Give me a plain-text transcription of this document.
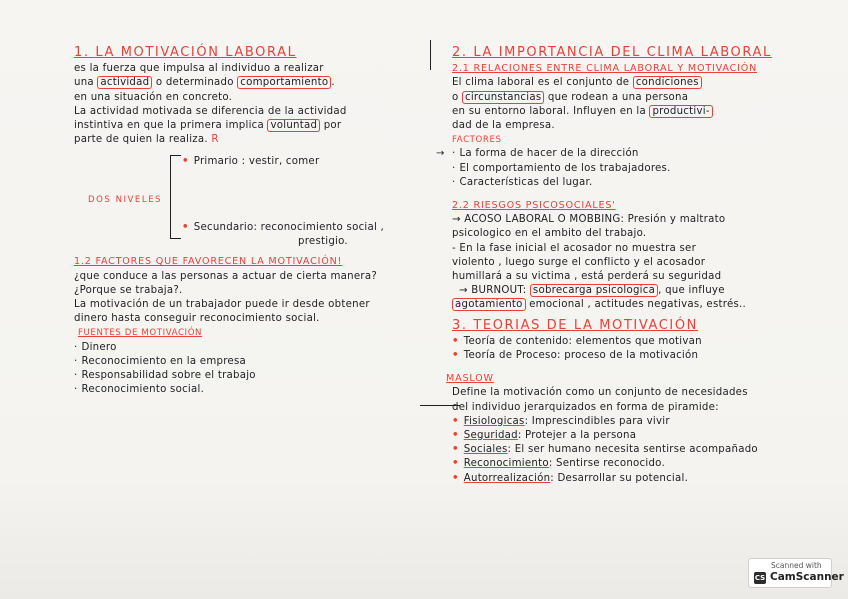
1. LA MOTIVACIÓN LABORAL
es la fuerza que impulsa al individuo a realizar
una actividad o determinado comportamiento .
en una situación en concreto.
La actividad motivada se diferencia de la actividad
instintiva en que la primera implica voluntad por
parte de quien la realiza. R
DOS NIVELES
• Primario : vestir, comer
• Secundario: reconocimiento social ,
prestigio.
1.2 FACTORES QUE FAVORECEN LA MOTIVACIÓN!
¿que conduce a las personas a actuar de cierta manera?
¿Porque se trabaja?.
La motivación de un trabajador puede ir desde obtener
dinero hasta conseguir reconocimiento social.
FUENTES DE MOTIVACIÓN
· Dinero
· Reconocimiento en la empresa
· Responsabilidad sobre el trabajo
· Reconocimiento social.
→
2. LA IMPORTANCIA DEL CLIMA LABORAL
2.1 RELACIONES ENTRE CLIMA LABORAL Y MOTIVACIÓN
El clima laboral es el conjunto de condiciones
o circunstancias que rodean a una persona
en su entorno laboral. Influyen en la productivi-
dad de la empresa.
FACTORES
· La forma de hacer de la dirección
· El comportamiento de los trabajadores.
· Características del lugar.
2.2 RIESGOS PSICOSOCIALES'
→ ACOSO LABORAL O MOBBING: Presión y maltrato
psicologico en el ambito del trabajo.
- En la fase inicial el acosador no muestra ser
violento , luego surge el conflicto y el acosador
humillará a su victima , está perderá su seguridad
→ BURNOUT: sobrecarga psicologica , que influye
agotamiento emocional , actitudes negativas, estrés..
3. TEORIAS DE LA MOTIVACIÓN
• Teoría de contenido: elementos que motivan
• Teoría de Proceso: proceso de la motivación
MASLOW
Define la motivación como un conjunto de necesidades
del individuo jerarquizados en forma de piramide:
• Fisiologicas: Imprescindibles para vivir
• Seguridad: Protejer a la persona
• Sociales: El ser humano necesita sentirse acompañado
• Reconocimiento: Sentirse reconocido.
• Autorrealización: Desarrollar su potencial.
Scanned with
CS CamScanner
